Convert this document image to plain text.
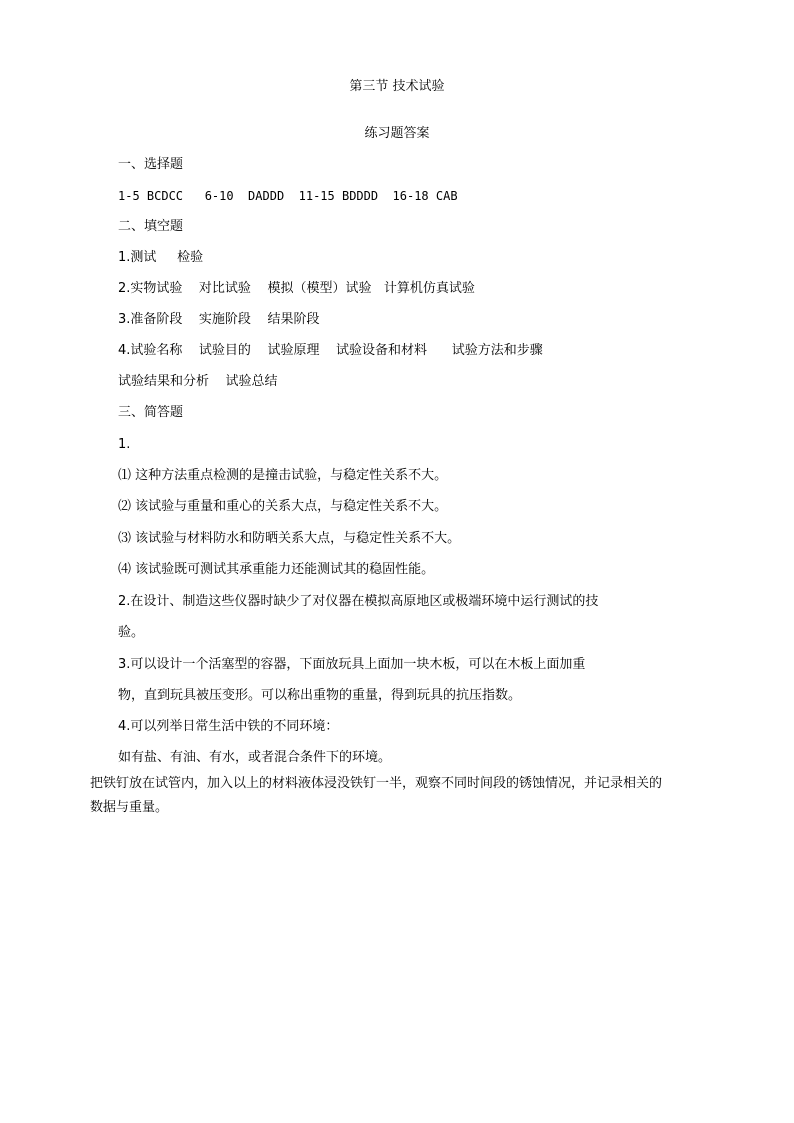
第三节 技术试验
练习题答案
一、选择题
1-5 BCDCC   6-10  DADDD  11-15 BDDDD  16-18 CAB
二、填空题
1.测试     检验
2.实物试验    对比试验    模拟（模型）试验   计算机仿真试验
3.准备阶段    实施阶段    结果阶段
4.试验名称    试验目的    试验原理    试验设备和材料      试验方法和步骤
试验结果和分析    试验总结
三、简答题
1.
⑴ 这种方法重点检测的是撞击试验，与稳定性关系不大。
⑵ 该试验与重量和重心的关系大点，与稳定性关系不大。
⑶ 该试验与材料防水和防晒关系大点，与稳定性关系不大。
⑷ 该试验既可测试其承重能力还能测试其的稳固性能。
2.在设计、制造这些仪器时缺少了对仪器在模拟高原地区或极端环境中运行测试的技
验。
3.可以设计一个活塞型的容器，下面放玩具上面加一块木板，可以在木板上面加重
物，直到玩具被压变形。可以称出重物的重量，得到玩具的抗压指数。
4.可以列举日常生活中铁的不同环境：
如有盐、有油、有水，或者混合条件下的环境。
把铁钉放在试管内，加入以上的材料液体浸没铁钉一半，观察不同时间段的锈蚀情况，并记录相关的
数据与重量。
